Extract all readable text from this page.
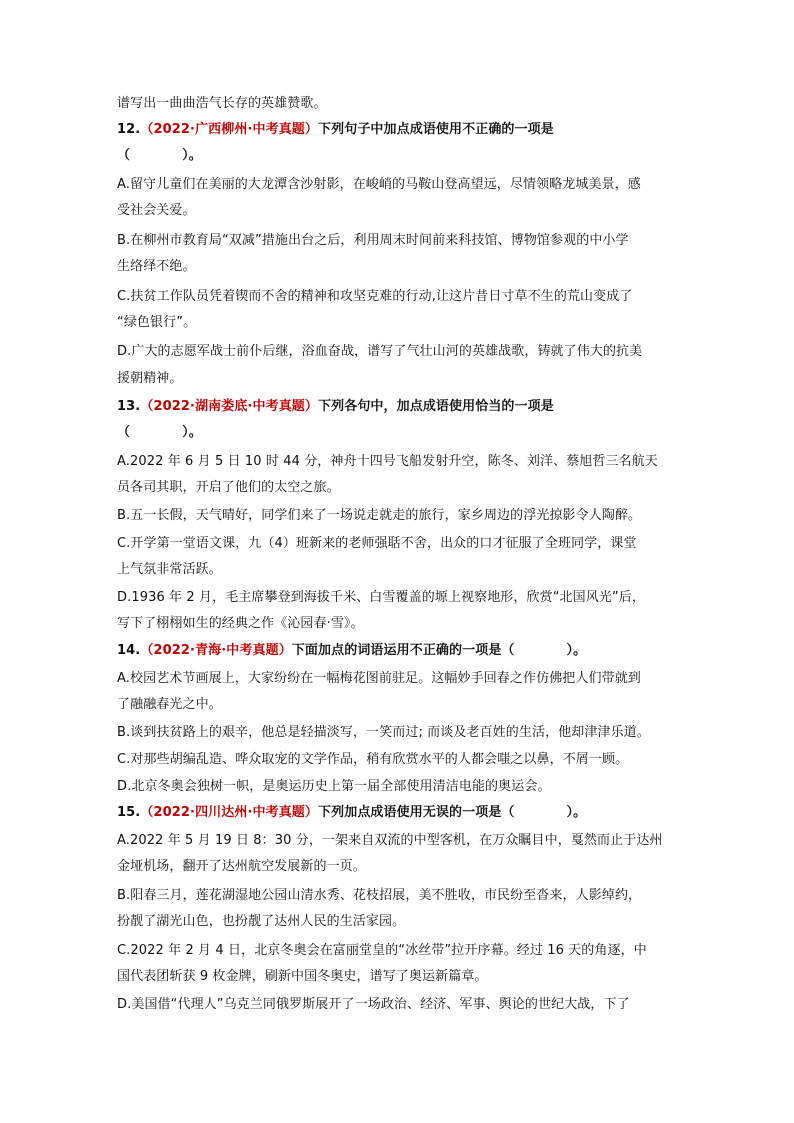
谱写出一曲曲浩气长存的英雄赞歌。
12.（2022·广西柳州·中考真题）下列句子中加点成语使用不正确的一项是
（	）。
A.留守儿童们在美丽的大龙潭含沙射影，在峻峭的马鞍山登高望远，尽情领略龙城美景，感
受社会关爱。
B.在柳州市教育局“双减”措施出台之后，利用周末时间前来科技馆、博物馆参观的中小学
生络绎不绝。
C.扶贫工作队员凭着锲而不舍的精神和攻坚克难的行动,让这片昔日寸草不生的荒山变成了
“绿色银行”。
D.广大的志愿军战士前仆后继，浴血奋战，谱写了气壮山河的英雄战歌，铸就了伟大的抗美
援朝精神。
13.（2022·湖南娄底·中考真题）下列各句中，加点成语使用恰当的一项是
（	）。
A.2022 年 6 月 5 日 10 时 44 分，神舟十四号飞船发射升空，陈冬、刘洋、蔡旭哲三名航天
员各司其职，开启了他们的太空之旅。
B.五一长假，天气晴好，同学们来了一场说走就走的旅行，家乡周边的浮光掠影令人陶醉。
C.开学第一堂语文课，九（4）班新来的老师强聒不舍，出众的口才征服了全班同学，课堂
上气氛非常活跃。
D.1936 年 2 月，毛主席攀登到海拔千米、白雪覆盖的塬上视察地形，欣赏“北国风光”后，
写下了栩栩如生的经典之作《沁园春·雪》。
14.（2022·青海·中考真题）下面加点的词语运用不正确的一项是（	）。
A.校园艺术节画展上，大家纷纷在一幅梅花图前驻足。这幅妙手回春之作仿佛把人们带就到
了融融春光之中。
B.谈到扶贫路上的艰辛，他总是轻描淡写，一笑而过; 而谈及老百姓的生活，他却津津乐道。
C.对那些胡编乱造、哗众取宠的文学作品，稍有欣赏水平的人都会嗤之以鼻，不屑一顾。
D.北京冬奥会独树一帜，是奥运历史上第一届全部使用清洁电能的奥运会。
15.（2022·四川达州·中考真题）下列加点成语使用无误的一项是（	）。
A.2022 年 5 月 19 日 8：30 分，一架来自双流的中型客机，在万众瞩目中，戛然而止于达州
金垭机场，翻开了达州航空发展新的一页。
B.阳春三月，莲花湖湿地公园山清水秀、花枝招展，美不胜收，市民纷至沓来，人影绰约，
扮靓了湖光山色，也扮靓了达州人民的生活家园。
C.2022 年 2 月 4 日，北京冬奥会在富丽堂皇的“冰丝带”拉开序幕。经过 16 天的角逐，中
国代表团斩获 9 枚金牌，刷新中国冬奥史，谱写了奥运新篇章。
D.美国借“代理人”乌克兰同俄罗斯展开了一场政治、经济、军事、舆论的世纪大战，下了
